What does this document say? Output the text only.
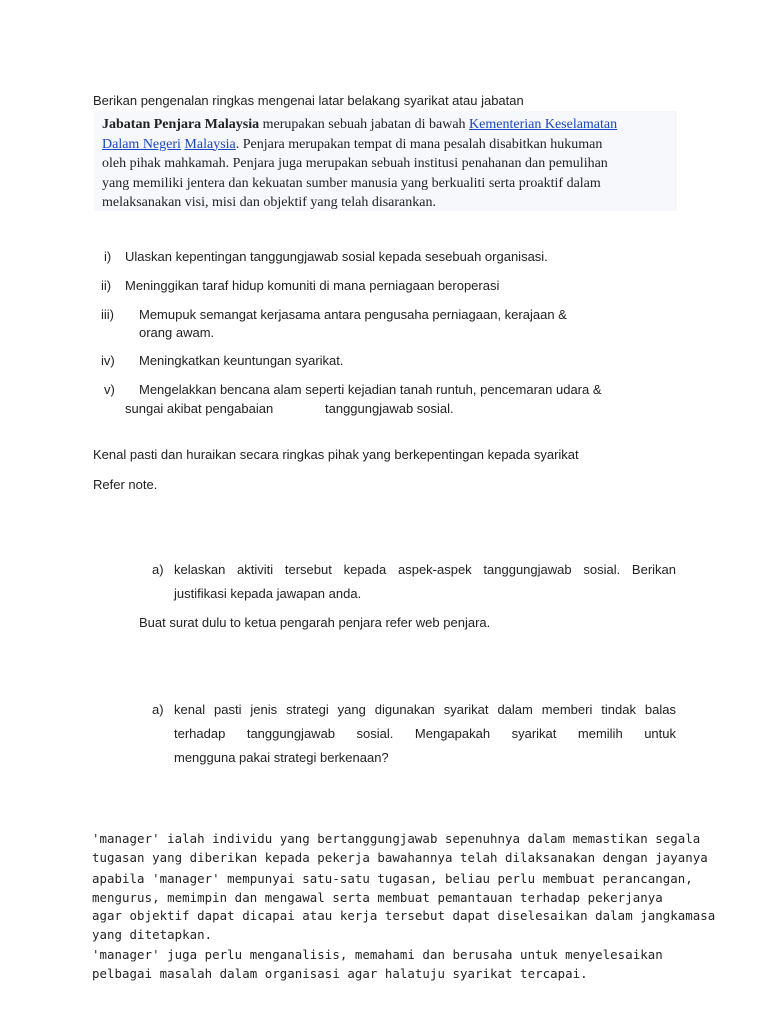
Berikan pengenalan ringkas mengenai latar belakang syarikat atau jabatan
Jabatan Penjara Malaysia merupakan sebuah jabatan di bawah Kementerian Keselamatan
Dalam Negeri Malaysia. Penjara merupakan tempat di mana pesalah disabitkan hukuman
oleh pihak mahkamah. Penjara juga merupakan sebuah institusi penahanan dan pemulihan
yang memiliki jentera dan kekuatan sumber manusia yang berkualiti serta proaktif dalam
melaksanakan visi, misi dan objektif yang telah disarankan.
i) Ulaskan kepentingan tanggungjawab sosial kepada sesebuah organisasi.
ii) Meninggikan taraf hidup komuniti di mana perniagaan beroperasi
iii) Memupuk semangat kerjasama antara pengusaha perniagaan, kerajaan &
orang awam.
iv) Meningkatkan keuntungan syarikat.
v) Mengelakkan bencana alam seperti kejadian tanah runtuh, pencemaran udara &
sungai akibat pengabaian	tanggungjawab sosial.
Kenal pasti dan huraikan secara ringkas pihak yang berkepentingan kepada syarikat
Refer note.
a) kelaskan aktiviti tersebut kepada aspek-aspek tanggungjawab sosial. Berikan
justifikasi kepada jawapan anda.
Buat surat dulu to ketua pengarah penjara refer web penjara.
a) kenal pasti jenis strategi yang digunakan syarikat dalam memberi tindak balas
terhadap tanggungjawab sosial. Mengapakah syarikat memilih untuk
mengguna pakai strategi berkenaan?
'manager' ialah individu yang bertanggungjawab sepenuhnya dalam memastikan segala
tugasan yang diberikan kepada pekerja bawahannya telah dilaksanakan dengan jayanya
apabila 'manager' mempunyai satu-satu tugasan, beliau perlu membuat perancangan,
mengurus, memimpin dan mengawal serta membuat pemantauan terhadap pekerjanya
agar objektif dapat dicapai atau kerja tersebut dapat diselesaikan dalam jangkamasa
yang ditetapkan.
'manager' juga perlu menganalisis, memahami dan berusaha untuk menyelesaikan
pelbagai masalah dalam organisasi agar halatuju syarikat tercapai.
